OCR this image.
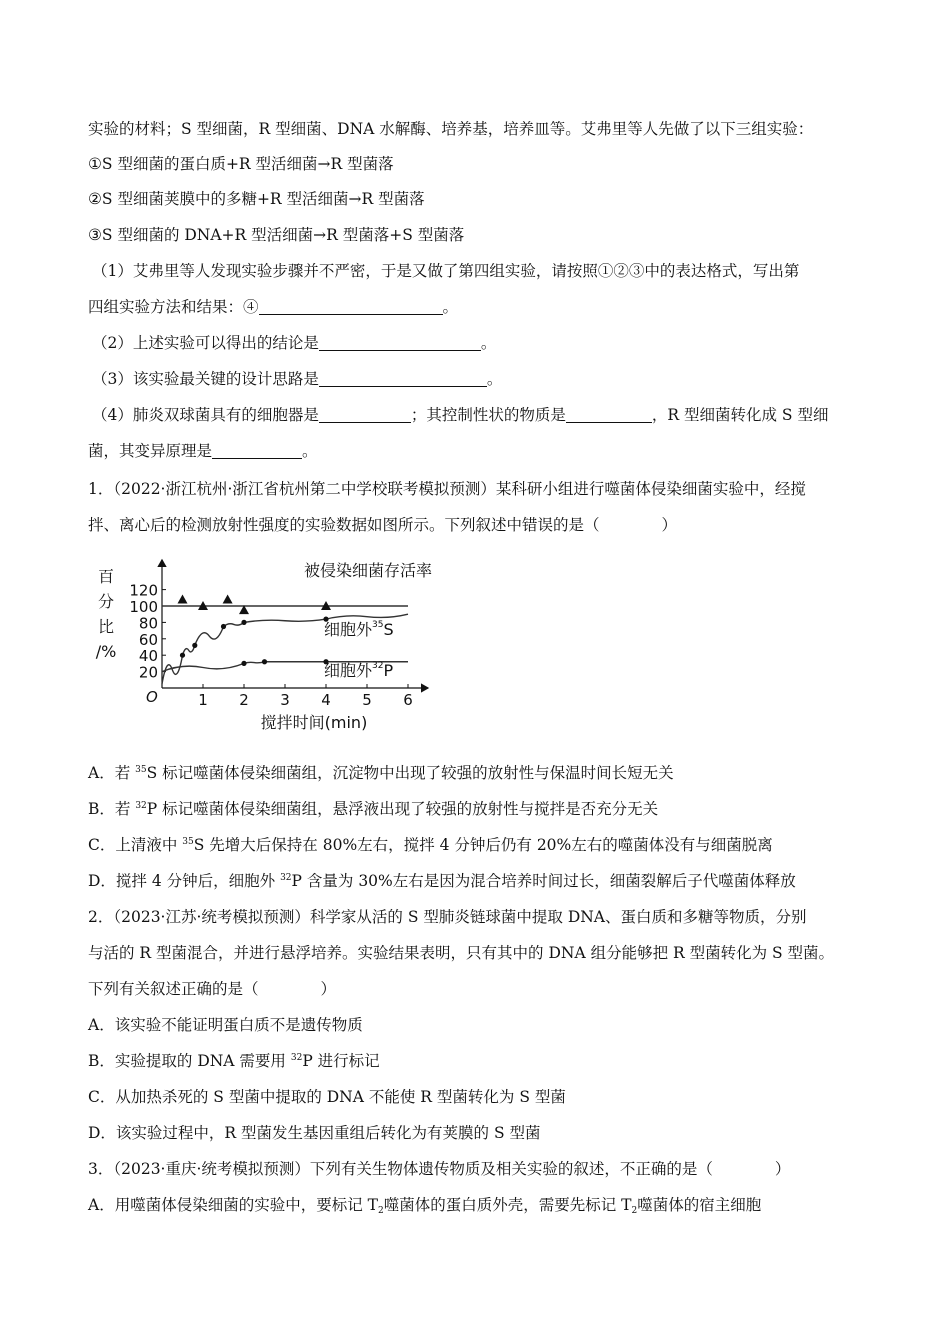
实验的材料；S 型细菌，R 型细菌、DNA 水解酶、培养基，培养皿等。艾弗里等人先做了以下三组实验：
①S 型细菌的蛋白质+R 型活细菌→R 型菌落
②S 型细菌荚膜中的多糖+R 型活细菌→R 型菌落
③S 型细菌的 DNA+R 型活细菌→R 型菌落+S 型菌落
（1）艾弗里等人发现实验步骤并不严密，于是又做了第四组实验，请按照①②③中的表达格式，写出第
四组实验方法和结果：④	。
（2）上述实验可以得出的结论是	。
（3）该实验最关键的设计思路是	。
（4）肺炎双球菌具有的细胞器是	；其控制性状的物质是	，R 型细菌转化成 S 型细
菌，其变异原理是	。
1．（2022·浙江杭州·浙江省杭州第二中学校联考模拟预测）某科研小组进行噬菌体侵染细菌实验中，经搅
拌、离心后的检测放射性强度的实验数据如图所示。下列叙述中错误的是（　　　　）
百
分
比
/%
O
20
40
60
80
100
120
1 2 3 4 5 6
搅拌时间(min)
被侵染细菌存活率
细胞外$^{35}$S
细胞外$^{32}$P
A．若 $^{35}$S 标记噬菌体侵染细菌组，沉淀物中出现了较强的放射性与保温时间长短无关
B．若 $^{32}$P 标记噬菌体侵染细菌组，悬浮液出现了较强的放射性与搅拌是否充分无关
C．上清液中 $^{35}$S 先增大后保持在 80%左右，搅拌 4 分钟后仍有 20%左右的噬菌体没有与细菌脱离
D．搅拌 4 分钟后，细胞外 $^{32}$P 含量为 30%左右是因为混合培养时间过长，细菌裂解后子代噬菌体释放
2．（2023·江苏·统考模拟预测）科学家从活的 S 型肺炎链球菌中提取 DNA、蛋白质和多糖等物质，分别
与活的 R 型菌混合，并进行悬浮培养。实验结果表明，只有其中的 DNA 组分能够把 R 型菌转化为 S 型菌。
下列有关叙述正确的是（　　　　）
A．该实验不能证明蛋白质不是遗传物质
B．实验提取的 DNA 需要用 $^{32}$P 进行标记
C．从加热杀死的 S 型菌中提取的 DNA 不能使 R 型菌转化为 S 型菌
D．该实验过程中，R 型菌发生基因重组后转化为有荚膜的 S 型菌
3．（2023·重庆·统考模拟预测）下列有关生物体遗传物质及相关实验的叙述，不正确的是（　　　　）
A．用噬菌体侵染细菌的实验中，要标记 $T_2$噬菌体的蛋白质外壳，需要先标记 $T_2$噬菌体的宿主细胞
